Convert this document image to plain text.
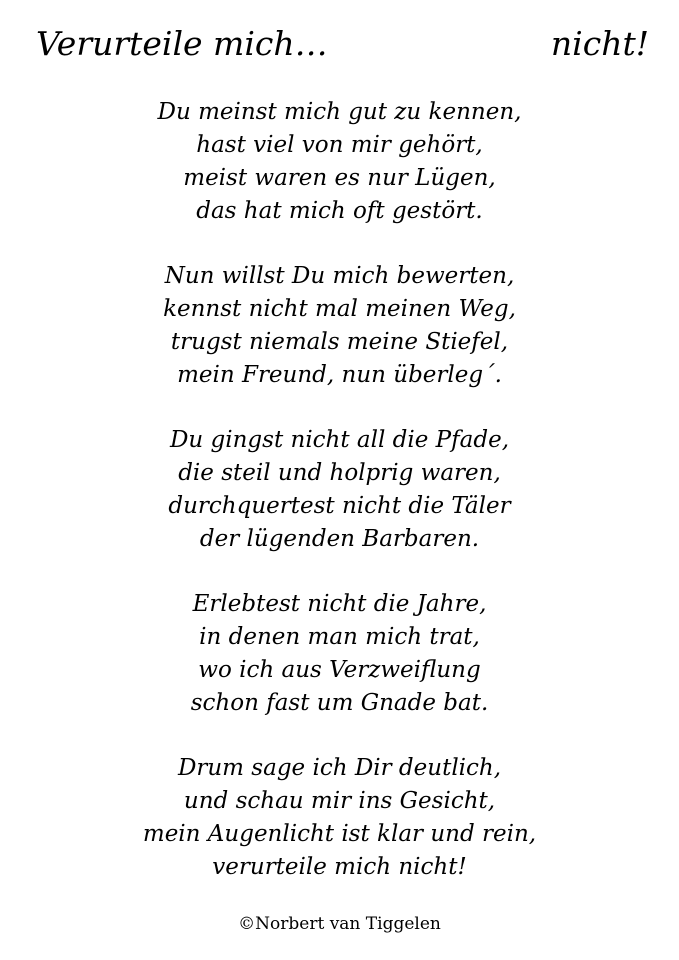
Verurteile mich…	nicht!
Du meinst mich gut zu kennen,
hast viel von mir gehört,
meist waren es nur Lügen,
das hat mich oft gestört.
Nun willst Du mich bewerten,
kennst nicht mal meinen Weg,
trugst niemals meine Stiefel,
mein Freund, nun überleg´.
Du gingst nicht all die Pfade,
die steil und holprig waren,
durchquertest nicht die Täler
der lügenden Barbaren.
Erlebtest nicht die Jahre,
in denen man mich trat,
wo ich aus Verzweiflung
schon fast um Gnade bat.
Drum sage ich Dir deutlich,
und schau mir ins Gesicht,
mein Augenlicht ist klar und rein,
verurteile mich nicht!
©Norbert van Tiggelen
